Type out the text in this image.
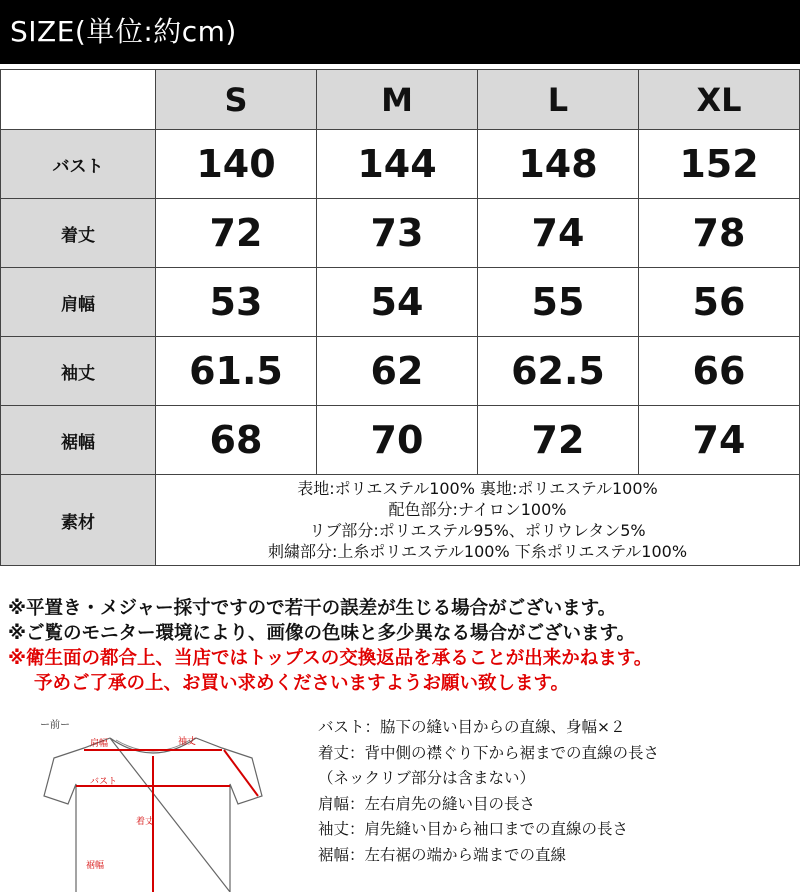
SIZE(単位:約cm)
	S	M	L	XL
バスト	140	144	148	152
着丈	72	73	74	78
肩幅	53	54	55	56
袖丈	61.5	62	62.5	66
裾幅	68	70	72	74
素材	表地:ポリエステル100% 裏地:ポリエステル100%
配色部分:ナイロン100%
リブ部分:ポリエステル95%、ポリウレタン5%
刺繍部分:上糸ポリエステル100% 下糸ポリエステル100%			
※平置き・メジャー採寸ですので若干の誤差が生じる場合がございます。
※ご覧のモニター環境により、画像の色味と多少異なる場合がございます。
※衛生面の都合上、当店ではトップスの交換返品を承ることが出来かねます。
予めご了承の上、お買い求めくださいますようお願い致します。
ー前ー
肩幅	袖丈
バスト
着丈
裾幅
バスト：脇下の縫い目からの直線、身幅×２
着丈：背中側の襟ぐり下から裾までの直線の長さ
（ネックリブ部分は含まない）
肩幅：左右肩先の縫い目の長さ
袖丈：肩先縫い目から袖口までの直線の長さ
裾幅：左右裾の端から端までの直線
